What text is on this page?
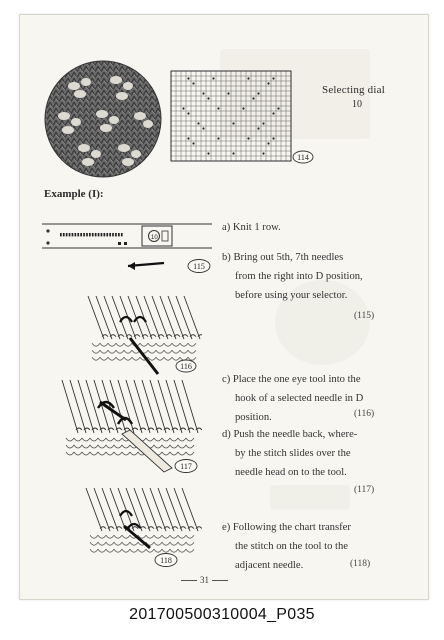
114
Selecting dial
10
Example (I):
10
115
116
117
118
a) Knit 1 row.
b) Bring out 5th, 7th needles
from the right into D position,
before using your selector.
(115)
c) Place the one eye tool into the
hook of a selected needle in D
position.	(116)
d) Push the needle back, where-
by the stitch slides over the
needle head on to the tool.
(117)
e) Following the chart transfer
the stitch on the tool to the
adjacent needle.	(118)
31
201700500310004_P035
